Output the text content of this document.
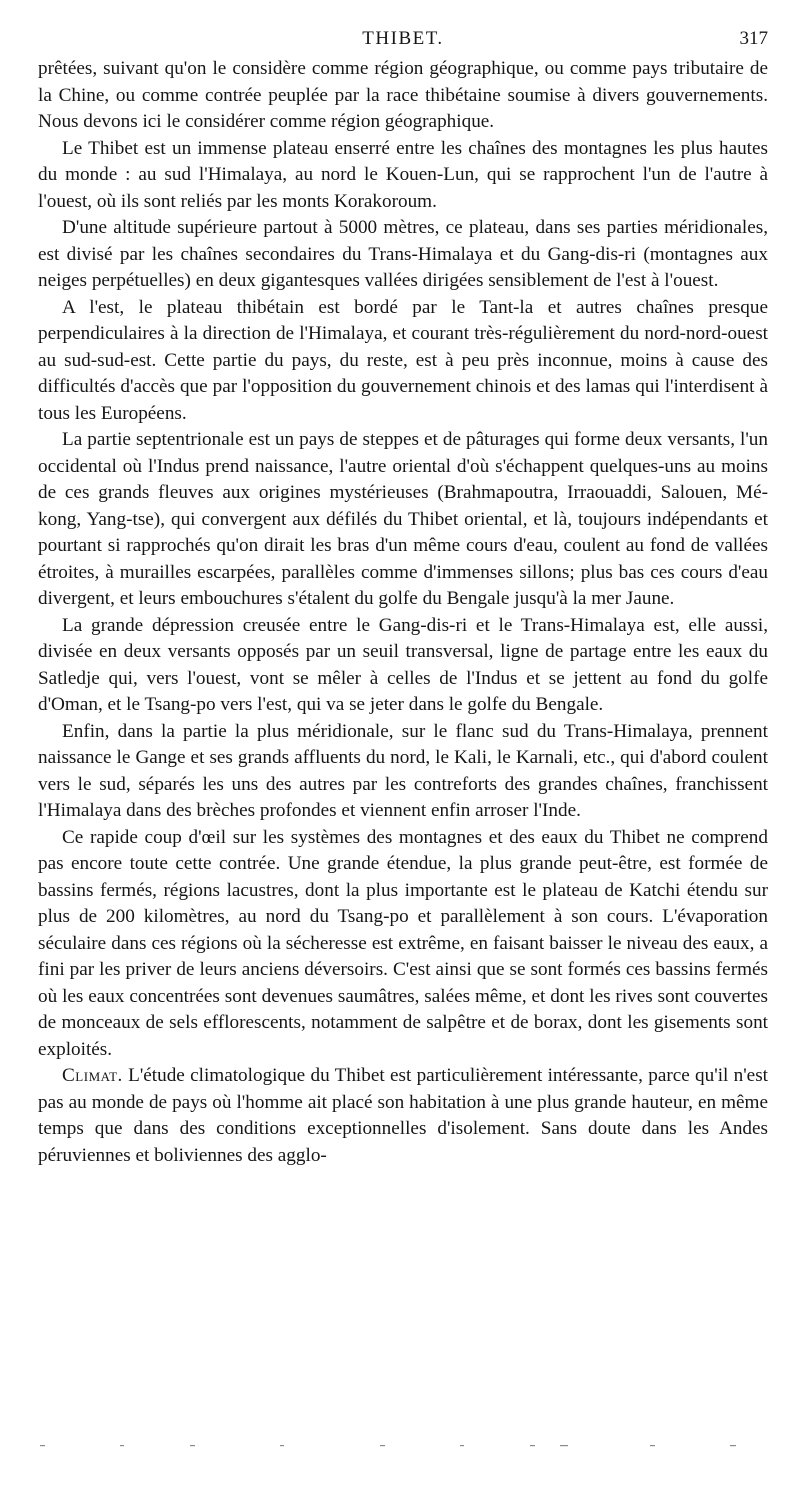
THIBET.	317

prêtées, suivant qu'on le considère comme région géographique, ou comme pays tributaire de la Chine, ou comme contrée peuplée par la race thibétaine soumise à divers gouvernements. Nous devons ici le considérer comme région géographique.

Le Thibet est un immense plateau enserré entre les chaînes des montagnes les plus hautes du monde : au sud l'Himalaya, au nord le Kouen-Lun, qui se rapprochent l'un de l'autre à l'ouest, où ils sont reliés par les monts Korakoroum.

D'une altitude supérieure partout à 5000 mètres, ce plateau, dans ses parties méridionales, est divisé par les chaînes secondaires du Trans-Himalaya et du Gang-dis-ri (montagnes aux neiges perpétuelles) en deux gigantesques vallées dirigées sensiblement de l'est à l'ouest.

A l'est, le plateau thibétain est bordé par le Tant-la et autres chaînes presque perpendiculaires à la direction de l'Himalaya, et courant très-régulièrement du nord-nord-ouest au sud-sud-est. Cette partie du pays, du reste, est à peu près inconnue, moins à cause des difficultés d'accès que par l'opposition du gouvernement chinois et des lamas qui l'interdisent à tous les Européens.

La partie septentrionale est un pays de steppes et de pâturages qui forme deux versants, l'un occidental où l'Indus prend naissance, l'autre oriental d'où s'échappent quelques-uns au moins de ces grands fleuves aux origines mystérieuses (Brahmapoutra, Irraouaddi, Salouen, Mé-kong, Yang-tse), qui convergent aux défilés du Thibet oriental, et là, toujours indépendants et pourtant si rapprochés qu'on dirait les bras d'un même cours d'eau, coulent au fond de vallées étroites, à murailles escarpées, parallèles comme d'immenses sillons; plus bas ces cours d'eau divergent, et leurs embouchures s'étalent du golfe du Bengale jusqu'à la mer Jaune.

La grande dépression creusée entre le Gang-dis-ri et le Trans-Himalaya est, elle aussi, divisée en deux versants opposés par un seuil transversal, ligne de partage entre les eaux du Satledje qui, vers l'ouest, vont se mêler à celles de l'Indus et se jettent au fond du golfe d'Oman, et le Tsang-po vers l'est, qui va se jeter dans le golfe du Bengale.

Enfin, dans la partie la plus méridionale, sur le flanc sud du Trans-Himalaya, prennent naissance le Gange et ses grands affluents du nord, le Kali, le Karnali, etc., qui d'abord coulent vers le sud, séparés les uns des autres par les contreforts des grandes chaînes, franchissent l'Himalaya dans des brèches profondes et viennent enfin arroser l'Inde.

Ce rapide coup d'œil sur les systèmes des montagnes et des eaux du Thibet ne comprend pas encore toute cette contrée. Une grande étendue, la plus grande peut-être, est formée de bassins fermés, régions lacustres, dont la plus importante est le plateau de Katchi étendu sur plus de 200 kilomètres, au nord du Tsang-po et parallèlement à son cours. L'évaporation séculaire dans ces régions où la sécheresse est extrême, en faisant baisser le niveau des eaux, a fini par les priver de leurs anciens déversoirs. C'est ainsi que se sont formés ces bassins fermés où les eaux concentrées sont devenues saumâtres, salées même, et dont les rives sont couvertes de monceaux de sels efflorescents, notamment de salpêtre et de borax, dont les gisements sont exploités.

Climat. L'étude climatologique du Thibet est particulièrement intéressante, parce qu'il n'est pas au monde de pays où l'homme ait placé son habitation à une plus grande hauteur, en même temps que dans des conditions exceptionnelles d'isolement. Sans doute dans les Andes péruviennes et boliviennes des agglo-
